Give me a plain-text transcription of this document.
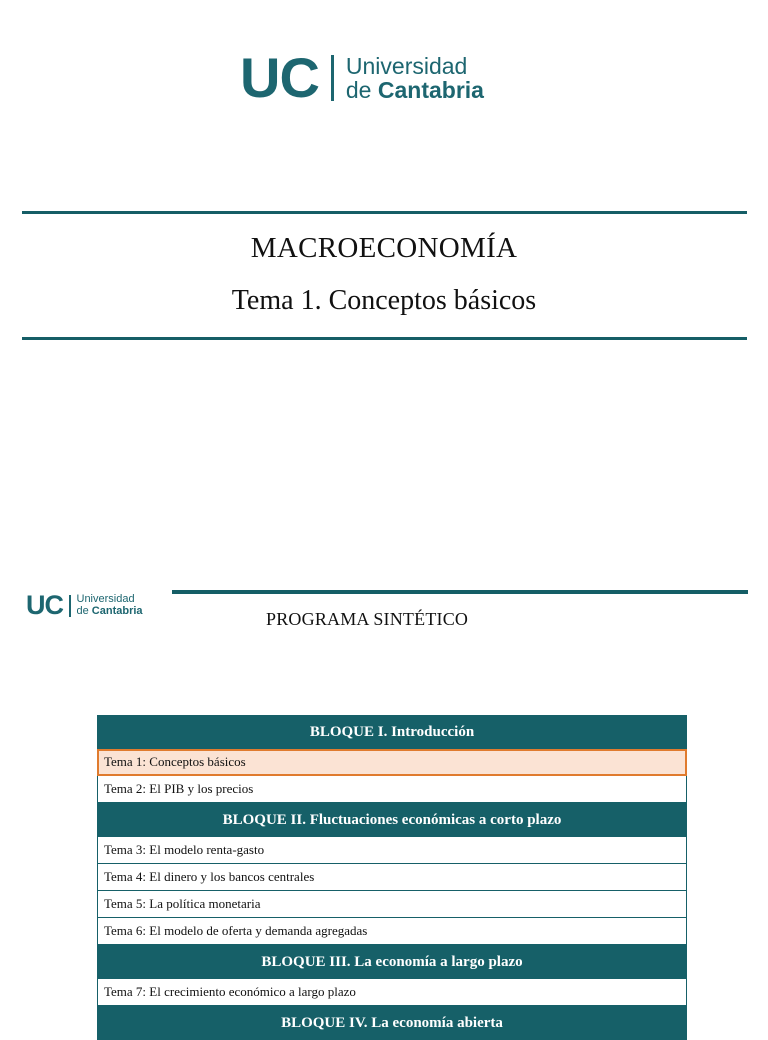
UC Universidad
de Cantabria
MACROECONOMÍA
Tema 1. Conceptos básicos
UC Universidad
de Cantabria	PROGRAMA SINTÉTICO
BLOQUE I. Introducción
Tema 1: Conceptos básicos
Tema 2: El PIB y los precios
BLOQUE II. Fluctuaciones económicas a corto plazo
Tema 3: El modelo renta-gasto
Tema 4: El dinero y los bancos centrales
Tema 5: La política monetaria
Tema 6: El modelo de oferta y demanda agregadas
BLOQUE III. La economía a largo plazo
Tema 7: El crecimiento económico a largo plazo
BLOQUE IV. La economía abierta
